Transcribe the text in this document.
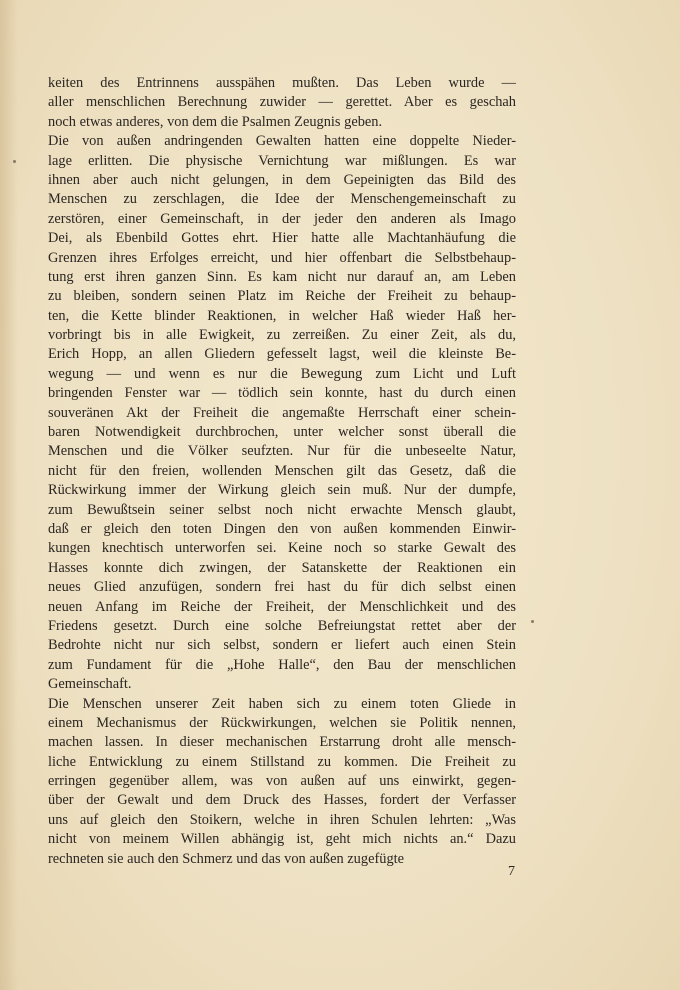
keiten des Entrinnens ausspähen mußten. Das Leben wurde —
aller menschlichen Berechnung zuwider — gerettet. Aber es geschah
noch etwas anderes, von dem die Psalmen Zeugnis geben.
Die von außen andringenden Gewalten hatten eine doppelte Nieder-
lage erlitten. Die physische Vernichtung war mißlungen. Es war
ihnen aber auch nicht gelungen, in dem Gepeinigten das Bild des
Menschen zu zerschlagen, die Idee der Menschengemeinschaft zu
zerstören, einer Gemeinschaft, in der jeder den anderen als Imago
Dei, als Ebenbild Gottes ehrt. Hier hatte alle Machtanhäufung die
Grenzen ihres Erfolges erreicht, und hier offenbart die Selbstbehaup-
tung erst ihren ganzen Sinn. Es kam nicht nur darauf an, am Leben
zu bleiben, sondern seinen Platz im Reiche der Freiheit zu behaup-
ten, die Kette blinder Reaktionen, in welcher Haß wieder Haß her-
vorbringt bis in alle Ewigkeit, zu zerreißen. Zu einer Zeit, als du,
Erich Hopp, an allen Gliedern gefesselt lagst, weil die kleinste Be-
wegung — und wenn es nur die Bewegung zum Licht und Luft
bringenden Fenster war — tödlich sein konnte, hast du durch einen
souveränen Akt der Freiheit die angemaßte Herrschaft einer schein-
baren Notwendigkeit durchbrochen, unter welcher sonst überall die
Menschen und die Völker seufzten. Nur für die unbeseelte Natur,
nicht für den freien, wollenden Menschen gilt das Gesetz, daß die
Rückwirkung immer der Wirkung gleich sein muß. Nur der dumpfe,
zum Bewußtsein seiner selbst noch nicht erwachte Mensch glaubt,
daß er gleich den toten Dingen den von außen kommenden Einwir-
kungen knechtisch unterworfen sei. Keine noch so starke Gewalt des
Hasses konnte dich zwingen, der Satanskette der Reaktionen ein
neues Glied anzufügen, sondern frei hast du für dich selbst einen
neuen Anfang im Reiche der Freiheit, der Menschlichkeit und des
Friedens gesetzt. Durch eine solche Befreiungstat rettet aber der
Bedrohte nicht nur sich selbst, sondern er liefert auch einen Stein
zum Fundament für die „Hohe Halle“, den Bau der menschlichen
Gemeinschaft.
Die Menschen unserer Zeit haben sich zu einem toten Gliede in
einem Mechanismus der Rückwirkungen, welchen sie Politik nennen,
machen lassen. In dieser mechanischen Erstarrung droht alle mensch-
liche Entwicklung zu einem Stillstand zu kommen. Die Freiheit zu
erringen gegenüber allem, was von außen auf uns einwirkt, gegen-
über der Gewalt und dem Druck des Hasses, fordert der Verfasser
uns auf gleich den Stoikern, welche in ihren Schulen lehrten: „Was
nicht von meinem Willen abhängig ist, geht mich nichts an.“ Dazu
rechneten sie auch den Schmerz und das von außen zugefügte
7
